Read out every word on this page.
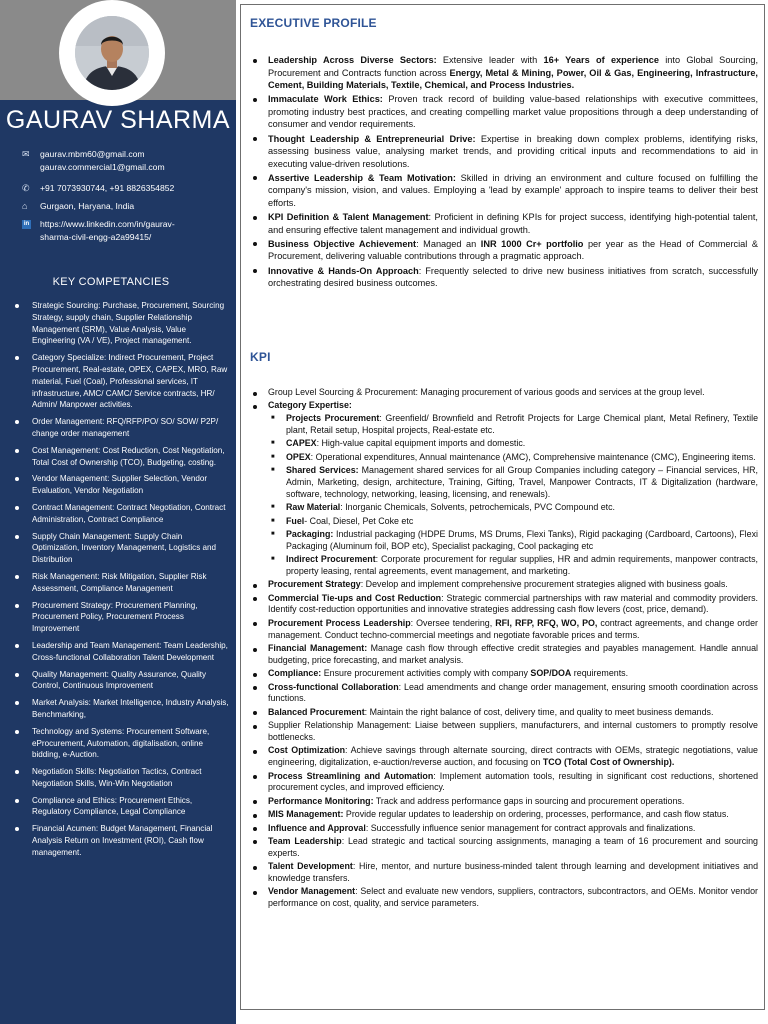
GAURAV SHARMA
✉	gaurav.mbm60@gmail.com
gaurav.commercial1@gmail.com
✆	+91 7073930744, +91 8826354852
⌂	Gurgaon, Haryana, India
in https://www.linkedin.com/in/gaurav-
sharma-civil-engg-a2a99415/
KEY COMPETANCIES
Strategic Sourcing: Purchase, Procurement, Sourcing Strategy, supply chain, Supplier Relationship Management (SRM), Value Analysis, Value Engineering (VA / VE), Project management.
Category Specialize: Indirect Procurement, Project Procurement, Real-estate, OPEX, CAPEX, MRO, Raw material, Fuel (Coal), Professional services, IT infrastructure, AMC/ CAMC/ Service contracts, HR/ Admin/ Manpower activities.
Order Management: RFQ/RFP/PO/ SO/ SOW/ P2P/ change order management
Cost Management: Cost Reduction, Cost Negotiation, Total Cost of Ownership (TCO), Budgeting, costing.
Vendor Management: Supplier Selection, Vendor Evaluation, Vendor Negotiation
Contract Management: Contract Negotiation, Contract Administration, Contract Compliance
Supply Chain Management: Supply Chain Optimization, Inventory Management, Logistics and Distribution
Risk Management: Risk Mitigation, Supplier Risk Assessment, Compliance Management
Procurement Strategy: Procurement Planning, Procurement Policy, Procurement Process Improvement
Leadership and Team Management: Team Leadership, Cross-functional Collaboration Talent Development
Quality Management: Quality Assurance, Quality Control, Continuous Improvement
Market Analysis: Market Intelligence, Industry Analysis, Benchmarking,
Technology and Systems: Procurement Software, eProcurement, Automation, digitalisation, online bidding, e-Auction.
Negotiation Skills: Negotiation Tactics, Contract Negotiation Skills, Win-Win Negotiation
Compliance and Ethics: Procurement Ethics, Regulatory Compliance, Legal Compliance
Financial Acumen: Budget Management, Financial Analysis Return on Investment (ROI), Cash flow management.
EXECUTIVE PROFILE
Leadership Across Diverse Sectors: Extensive leader with 16+ Years of experience into Global Sourcing, Procurement and Contracts function across Energy, Metal & Mining, Power, Oil & Gas, Engineering, Infrastructure, Cement, Building Materials, Textile, Chemical, and Process Industries.
Immaculate Work Ethics: Proven track record of building value-based relationships with executive committees, promoting industry best practices, and creating compelling market value propositions through a deep understanding of consumer and vendor requirements.
Thought Leadership & Entrepreneurial Drive: Expertise in breaking down complex problems, identifying risks, assessing business value, analysing market trends, and providing critical inputs and recommendations to aid in executing value-driven resolutions.
Assertive Leadership & Team Motivation: Skilled in driving an environment and culture focused on fulfilling the company's mission, vision, and values. Employing a 'lead by example' approach to inspire teams to deliver their best efforts.
KPI Definition & Talent Management: Proficient in defining KPIs for project success, identifying high-potential talent, and ensuring effective talent management and individual growth.
Business Objective Achievement: Managed an INR 1000 Cr+ portfolio per year as the Head of Commercial & Procurement, delivering valuable contributions through a pragmatic approach.
Innovative & Hands-On Approach: Frequently selected to drive new business initiatives from scratch, successfully orchestrating desired business outcomes.
KPI
Group Level Sourcing & Procurement: Managing procurement of various goods and services at the group level.
Category Expertise:
■ Projects Procurement: Greenfield/ Brownfield and Retrofit Projects for Large Chemical plant, Metal Refinery, Textile plant, Retail setup, Hospital projects, Real-estate etc.
■ CAPEX: High-value capital equipment imports and domestic.
■ OPEX: Operational expenditures, Annual maintenance (AMC), Comprehensive maintenance (CMC), Engineering items.
■ Shared Services: Management shared services for all Group Companies including category – Financial services, HR, Admin, Marketing, design, architecture, Training, Gifting, Travel, Manpower Contracts, IT & Digitalization (hardware, software, technology, networking, leasing, licensing, and renewals).
■ Raw Material: Inorganic Chemicals, Solvents, petrochemicals, PVC Compound etc.
■ Fuel- Coal, Diesel, Pet Coke etc
■ Packaging: Industrial packaging (HDPE Drums, MS Drums, Flexi Tanks), Rigid packaging (Cardboard, Cartoons), Flexi Packaging (Aluminum foil, BOP etc), Specialist packaging, Cool packaging etc
■ Indirect Procurement: Corporate procurement for regular supplies, HR and admin requirements, manpower contracts, property leasing, rental agreements, event management, and marketing.
Procurement Strategy: Develop and implement comprehensive procurement strategies aligned with business goals.
Commercial Tie-ups and Cost Reduction: Strategic commercial partnerships with raw material and commodity providers. Identify cost-reduction opportunities and innovative strategies addressing cash flow levers (cost, price, demand).
Procurement Process Leadership: Oversee tendering, RFI, RFP, RFQ, WO, PO, contract agreements, and change order management. Conduct techno-commercial meetings and negotiate favorable prices and terms.
Financial Management: Manage cash flow through effective credit strategies and payables management. Handle annual budgeting, price forecasting, and market analysis.
Compliance: Ensure procurement activities comply with company SOP/DOA requirements.
Cross-functional Collaboration: Lead amendments and change order management, ensuring smooth coordination across functions.
Balanced Procurement: Maintain the right balance of cost, delivery time, and quality to meet business demands.
Supplier Relationship Management: Liaise between suppliers, manufacturers, and internal customers to promptly resolve bottlenecks.
Cost Optimization: Achieve savings through alternate sourcing, direct contracts with OEMs, strategic negotiations, value engineering, digitalization, e-auction/reverse auction, and focusing on TCO (Total Cost of Ownership).
Process Streamlining and Automation: Implement automation tools, resulting in significant cost reductions, shortened procurement cycles, and improved efficiency.
Performance Monitoring: Track and address performance gaps in sourcing and procurement operations.
MIS Management: Provide regular updates to leadership on ordering, processes, performance, and cash flow status.
Influence and Approval: Successfully influence senior management for contract approvals and finalizations.
Team Leadership: Lead strategic and tactical sourcing assignments, managing a team of 16 procurement and sourcing experts.
Talent Development: Hire, mentor, and nurture business-minded talent through learning and development initiatives and knowledge transfers.
Vendor Management: Select and evaluate new vendors, suppliers, contractors, subcontractors, and OEMs. Monitor vendor performance on cost, quality, and service parameters.
